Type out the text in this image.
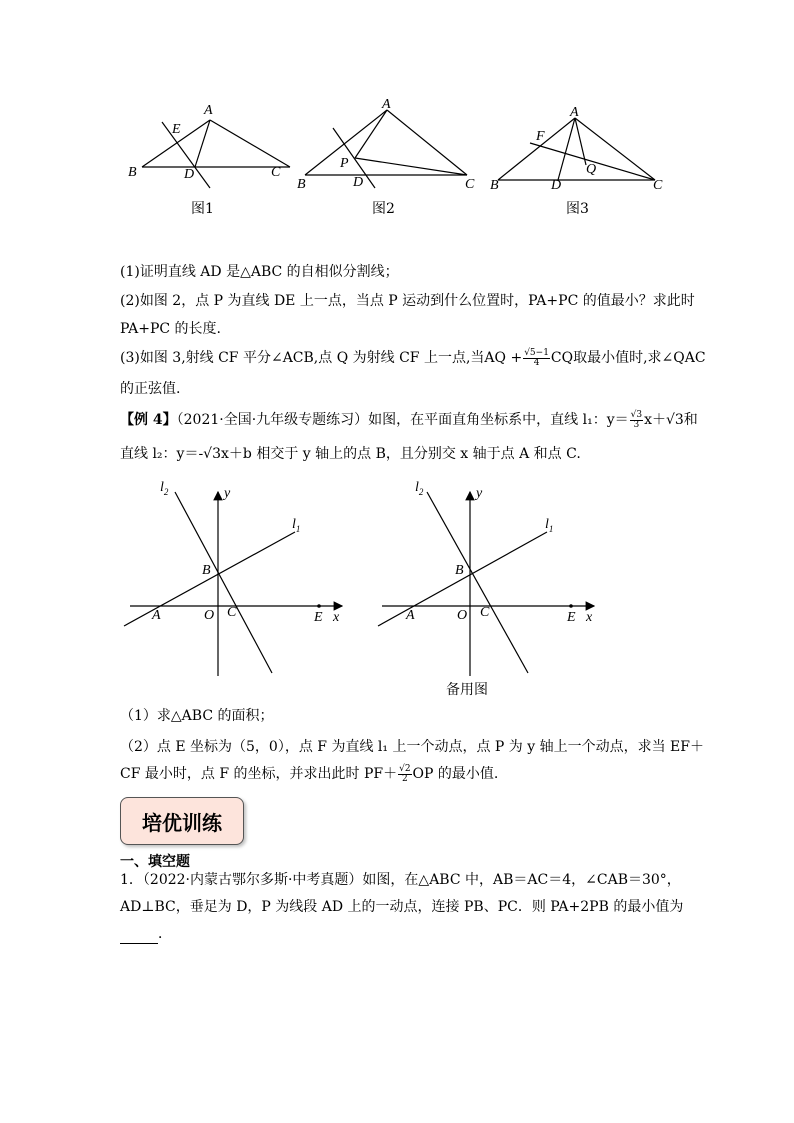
A
E
B	D	C
图1
A
P
B	D	C
图2
A
F
Q
B	D	C
图3
(1)证明直线 AD 是△ABC 的自相似分割线；
(2)如图 2，点 P 为直线 DE 上一点，当点 P 运动到什么位置时，PA+PC 的值最小？求此时
PA+PC 的长度.
(3)如图 3,射线 CF 平分∠ACB,点 Q 为射线 CF 上一点,当AQ + $\frac{√5-1}{4}$ CQ取最小值时,求∠QAC
的正弦值.
【例 4】（2021·全国·九年级专题练习）如图，在平面直角坐标系中，直线 l₁：$y= \frac{√3}{3} x+√3$和
直线 l₂：y＝-√3x＋b 相交于 y 轴上的点 B，且分别交 x 轴于点 A 和点 C.
$l_2$	y
$l_1$
B
A	O C	E x
$l_2$	y
$l_1$
B
A	O C	E x
备用图
（1）求△ABC 的面积；
（2）点 E 坐标为（5，0），点 F 为直线 l₁ 上一个动点，点 P 为 y 轴上一个动点，求当 EF＋
CF 最小时，点 F 的坐标，并求出此时 $PF+ \frac{√2}{2}$ OP 的最小值.
培优训练
一、填空题
1．（2022·内蒙古鄂尔多斯·中考真题）如图，在△ABC 中，AB＝AC＝4，∠CAB＝30°，
AD⊥BC，垂足为 D，P 为线段 AD 上的一动点，连接 PB、PC．则 PA+2PB 的最小值为
．
